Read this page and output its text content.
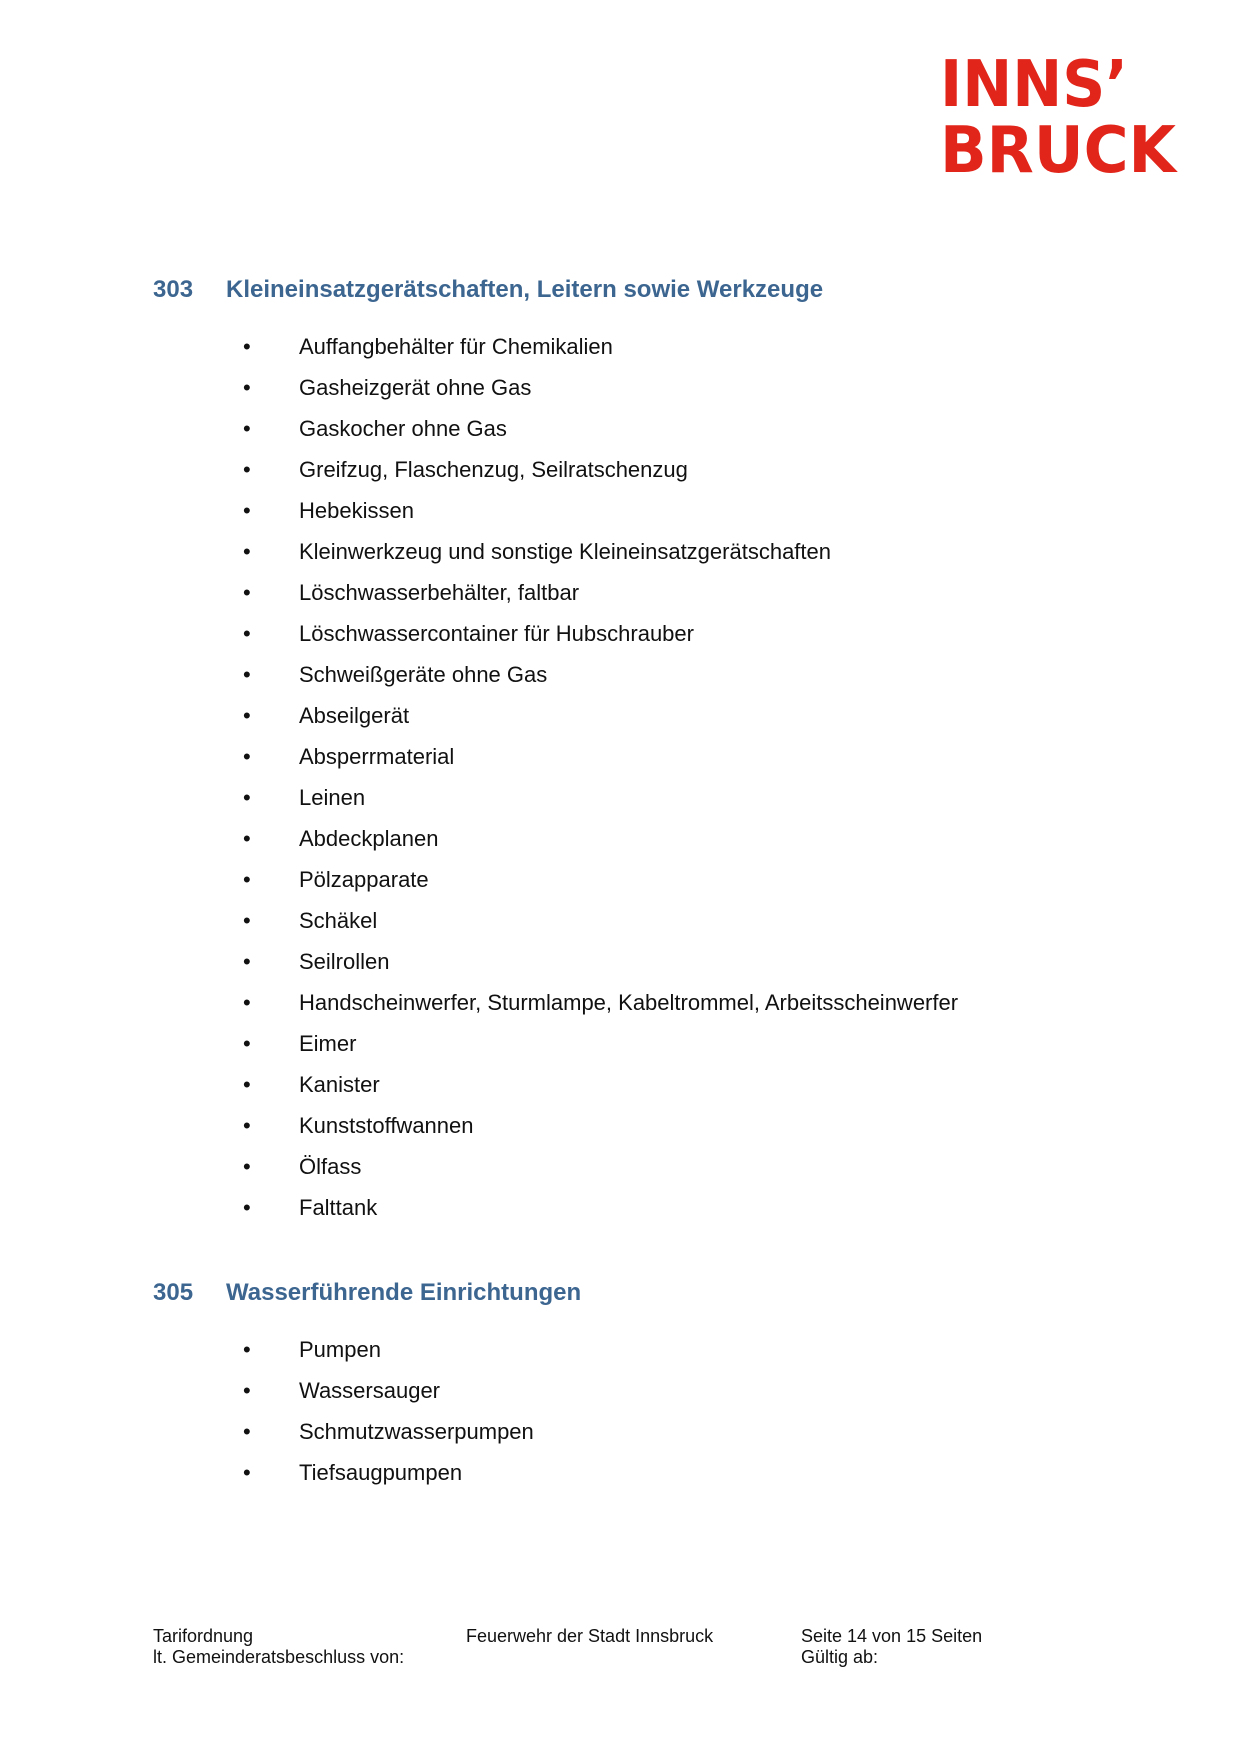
INNS’
BRUCK
303	Kleineinsatzgerätschaften, Leitern sowie Werkzeuge
• Auffangbehälter für Chemikalien
• Gasheizgerät ohne Gas
• Gaskocher ohne Gas
• Greifzug, Flaschenzug, Seilratschenzug
• Hebekissen
• Kleinwerkzeug und sonstige Kleineinsatzgerätschaften
• Löschwasserbehälter, faltbar
• Löschwassercontainer für Hubschrauber
• Schweißgeräte ohne Gas
• Abseilgerät
• Absperrmaterial
• Leinen
• Abdeckplanen
• Pölzapparate
• Schäkel
• Seilrollen
• Handscheinwerfer, Sturmlampe, Kabeltrommel, Arbeitsscheinwerfer
• Eimer
• Kanister
• Kunststoffwannen
• Ölfass
• Falttank
305	Wasserführende Einrichtungen
• Pumpen
• Wassersauger
• Schmutzwasserpumpen
• Tiefsaugpumpen
Tarifordnung
lt. Gemeinderatsbeschluss von:
Feuerwehr der Stadt Innsbruck	Seite 14 von 15 Seiten
Gültig ab:
